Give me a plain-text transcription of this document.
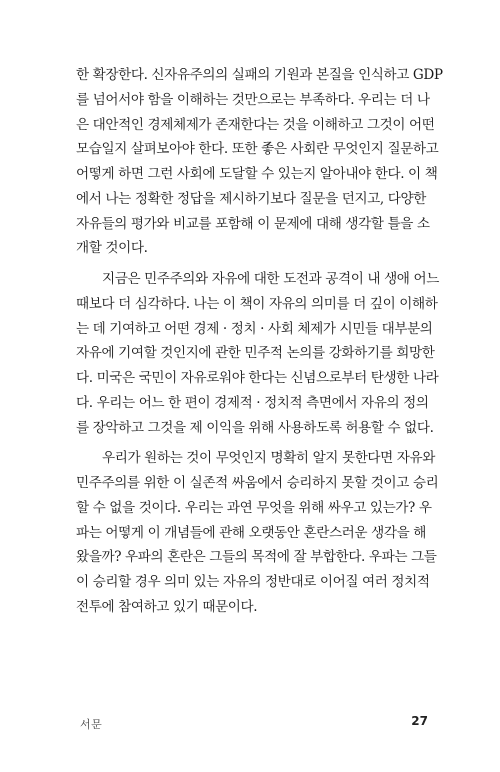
한 확장한다. 신자유주의의 실패의 기원과 본질을 인식하고 GDP
를 넘어서야 함을 이해하는 것만으로는 부족하다. 우리는 더 나
은 대안적인 경제체제가 존재한다는 것을 이해하고 그것이 어떤
모습일지 살펴보아야 한다. 또한 좋은 사회란 무엇인지 질문하고
어떻게 하면 그런 사회에 도달할 수 있는지 알아내야 한다. 이 책
에서 나는 정확한 정답을 제시하기보다 질문을 던지고, 다양한
자유들의 평가와 비교를 포함해 이 문제에 대해 생각할 틀을 소
개할 것이다.
지금은 민주주의와 자유에 대한 도전과 공격이 내 생애 어느
때보다 더 심각하다. 나는 이 책이 자유의 의미를 더 깊이 이해하
는 데 기여하고 어떤 경제 · 정치 · 사회 체제가 시민들 대부분의
자유에 기여할 것인지에 관한 민주적 논의를 강화하기를 희망한
다. 미국은 국민이 자유로워야 한다는 신념으로부터 탄생한 나라
다. 우리는 어느 한 편이 경제적 · 정치적 측면에서 자유의 정의
를 장악하고 그것을 제 이익을 위해 사용하도록 허용할 수 없다.
우리가 원하는 것이 무엇인지 명확히 알지 못한다면 자유와
민주주의를 위한 이 실존적 싸움에서 승리하지 못할 것이고 승리
할 수 없을 것이다. 우리는 과연 무엇을 위해 싸우고 있는가? 우
파는 어떻게 이 개념들에 관해 오랫동안 혼란스러운 생각을 해
왔을까? 우파의 혼란은 그들의 목적에 잘 부합한다. 우파는 그들
이 승리할 경우 의미 있는 자유의 정반대로 이어질 여러 정치적
전투에 참여하고 있기 때문이다.
서문	27
